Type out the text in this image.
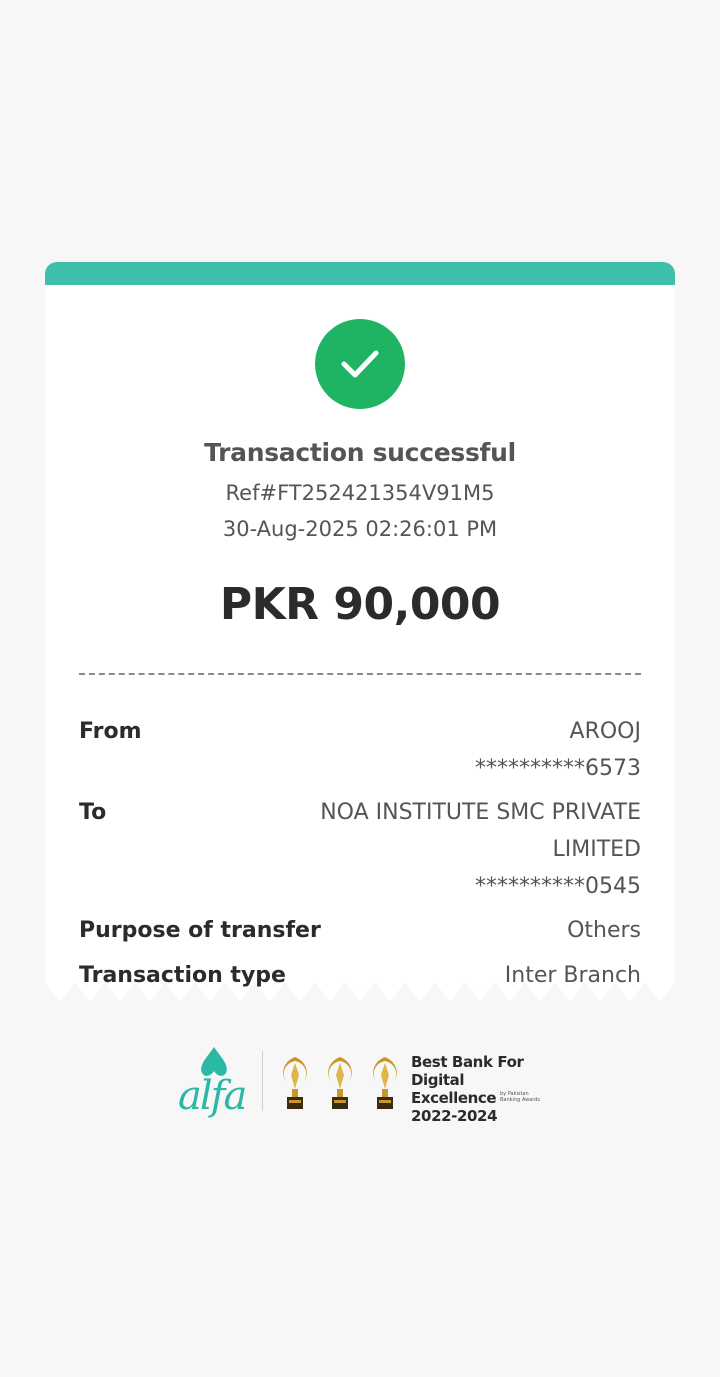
Transaction successful
Ref#FT252421354V91M5
30-Aug-2025 02:26:01 PM
PKR 90,000
From	AROOJ
**********6573
To	NOA INSTITUTE SMC PRIVATE
LIMITED
**********0545
Purpose of transfer	Others
Transaction type	Inter Branch
alfa
Best Bank For
Digital Excellence
2022-2024
by Pakistan Banking Awards
